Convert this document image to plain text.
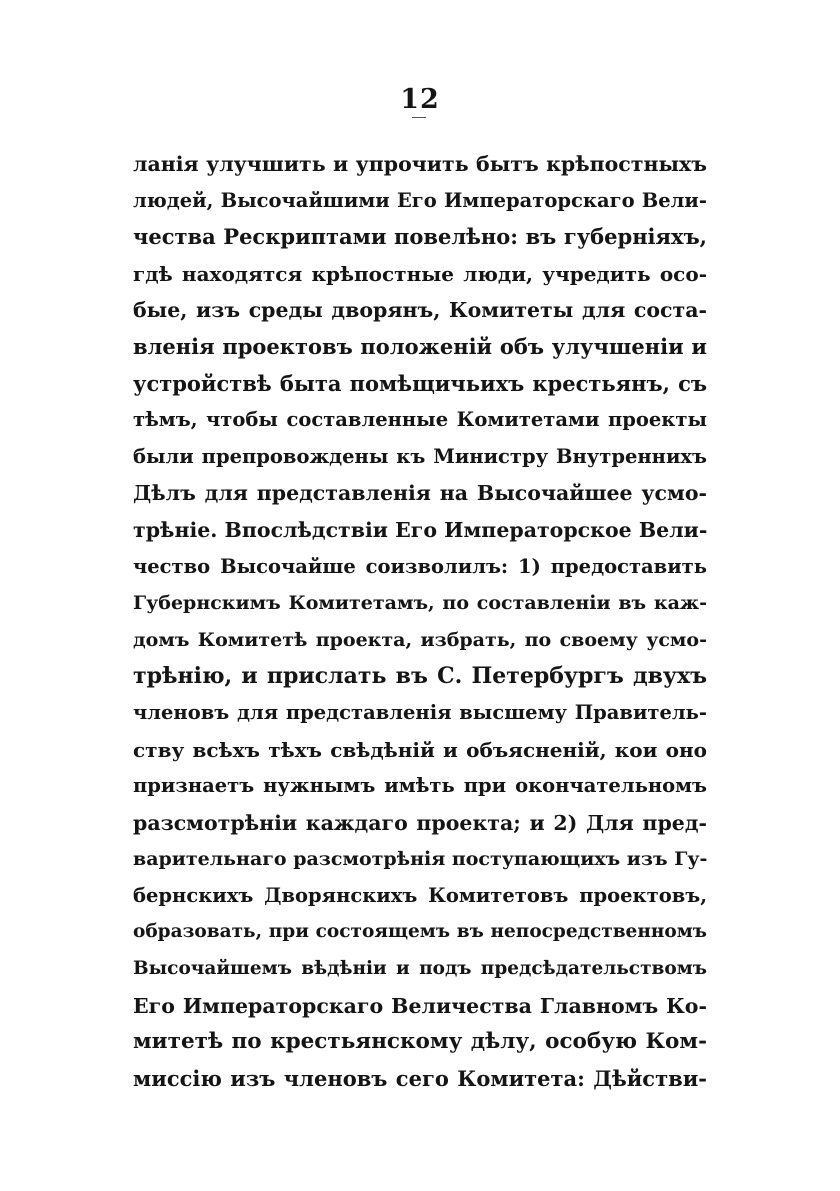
12
ланія улучшить и упрочить бытъ крѣпостныхъ
людей, Высочайшими Его Императорскаго Вели-
чества Рескриптами повелѣно: въ губерніяхъ,
гдѣ находятся крѣпостные люди, учредить осо-
бые, изъ среды дворянъ, Комитеты для соста-
вленія проектовъ положеній объ улучшеніи и
устройствѣ быта помѣщичьихъ крестьянъ, съ
тѣмъ, чтобы составленные Комитетами проекты
были препровождены къ Министру Внутреннихъ
Дѣлъ для представленія на Высочайшее усмо-
трѣніе. Впослѣдствіи Его Императорское Вели-
чество Высочайше соизволилъ: 1) предоставить
Губернскимъ Комитетамъ, по составленіи въ каж-
домъ Комитетѣ проекта, избрать, по своему усмо-
трѣнію, и прислать въ С. Петербургъ двухъ
членовъ для представленія высшему Правитель-
ству всѣхъ тѣхъ свѣдѣній и объясненій, кои оно
признаетъ нужнымъ имѣть при окончательномъ
разсмотрѣніи каждаго проекта; и 2) Для пред-
варительнаго разсмотрѣнія поступающихъ изъ Гу-
бернскихъ Дворянскихъ Комитетовъ проектовъ,
образовать, при состоящемъ въ непосредственномъ
Высочайшемъ вѣдѣніи и подъ предсѣдательствомъ
Его Императорскаго Величества Главномъ Ко-
митетѣ по крестьянскому дѣлу, особую Ком-
миссію изъ членовъ сего Комитета: Дѣйстви-
